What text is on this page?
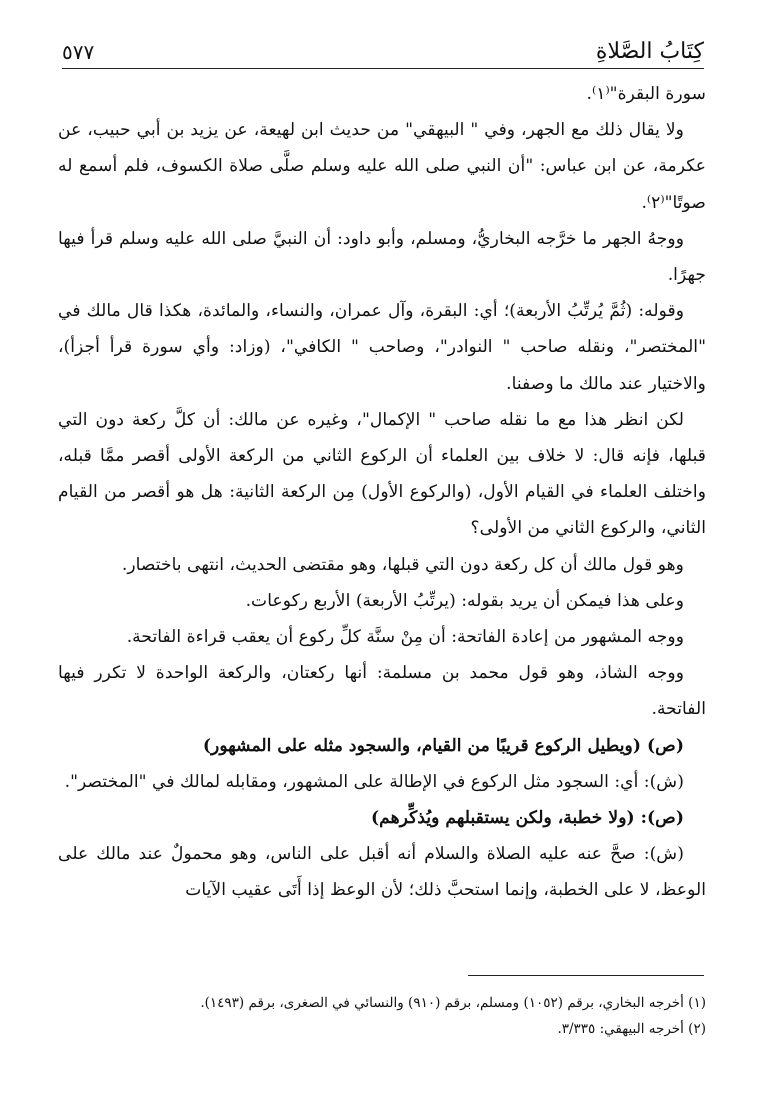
كِتَابُ الصَّلاةِ
٥٧٧

سورة البقرة"⁽١⁾.

ولا يقال ذلك مع الجهر، وفي " البيهقي" من حديث ابن لهيعة، عن يزيد بن أبي حبيب، عن عكرمة، عن ابن عباس: "أن النبي صلى الله عليه وسلم صلَّى صلاة الكسوف، فلم أسمع له صوتًا"⁽٢⁾.

ووجهُ الجهر ما خرَّجه البخاريُّ، ومسلم، وأبو داود: أن النبيَّ صلى الله عليه وسلم قرأ فيها جهرًا.

وقوله: (ثُمَّ يُرتِّبُ الأربعة)؛ أي: البقرة، وآل عمران، والنساء، والمائدة، هكذا قال مالك في "المختصر"، ونقله صاحب " النوادر"، وصاحب " الكافي"، (وزاد: وأي سورة قرأ أجزأ)، والاختيار عند مالك ما وصفنا.

لكن انظر هذا مع ما نقله صاحب " الإكمال"، وغيره عن مالك: أن كلَّ ركعة دون التي قبلها، فإنه قال: لا خلاف بين العلماء أن الركوع الثاني من الركعة الأولى أقصر ممَّا قبله، واختلف العلماء في القيام الأول، (والركوع الأول) مِن الركعة الثانية: هل هو أقصر من القيام الثاني، والركوع الثاني من الأولى؟

وهو قول مالك أن كل ركعة دون التي قبلها، وهو مقتضى الحديث، انتهى باختصار.

وعلى هذا فيمكن أن يريد بقوله: (يرتِّبُ الأربعة) الأربع ركوعات.

ووجه المشهور من إعادة الفاتحة: أن مِنْ سنَّة كلِّ ركوع أن يعقب قراءة الفاتحة.

ووجه الشاذ، وهو قول محمد بن مسلمة: أنها ركعتان، والركعة الواحدة لا تكرر فيها الفاتحة.

(ص) (ويطيل الركوع قريبًا من القيام، والسجود مثله على المشهور)

(ش): أي: السجود مثل الركوع في الإطالة على المشهور، ومقابله لمالك في "المختصر".

(ص): (ولا خطبة، ولكن يستقبلهم ويُذكِّرهم)

(ش): صحَّ عنه عليه الصلاة والسلام أنه أقبل على الناس، وهو محمولٌ عند مالك على الوعظ، لا على الخطبة، وإنما استحبَّ ذلك؛ لأن الوعظ إذا أَتَى عقيب الآيات

(١) أخرجه البخاري، برقم (١٠٥٢) ومسلم، برقم (٩١٠) والنسائي في الصغرى، برقم (١٤٩٣).

(٢) أخرجه البيهقي: ٣/٣٣٥.
